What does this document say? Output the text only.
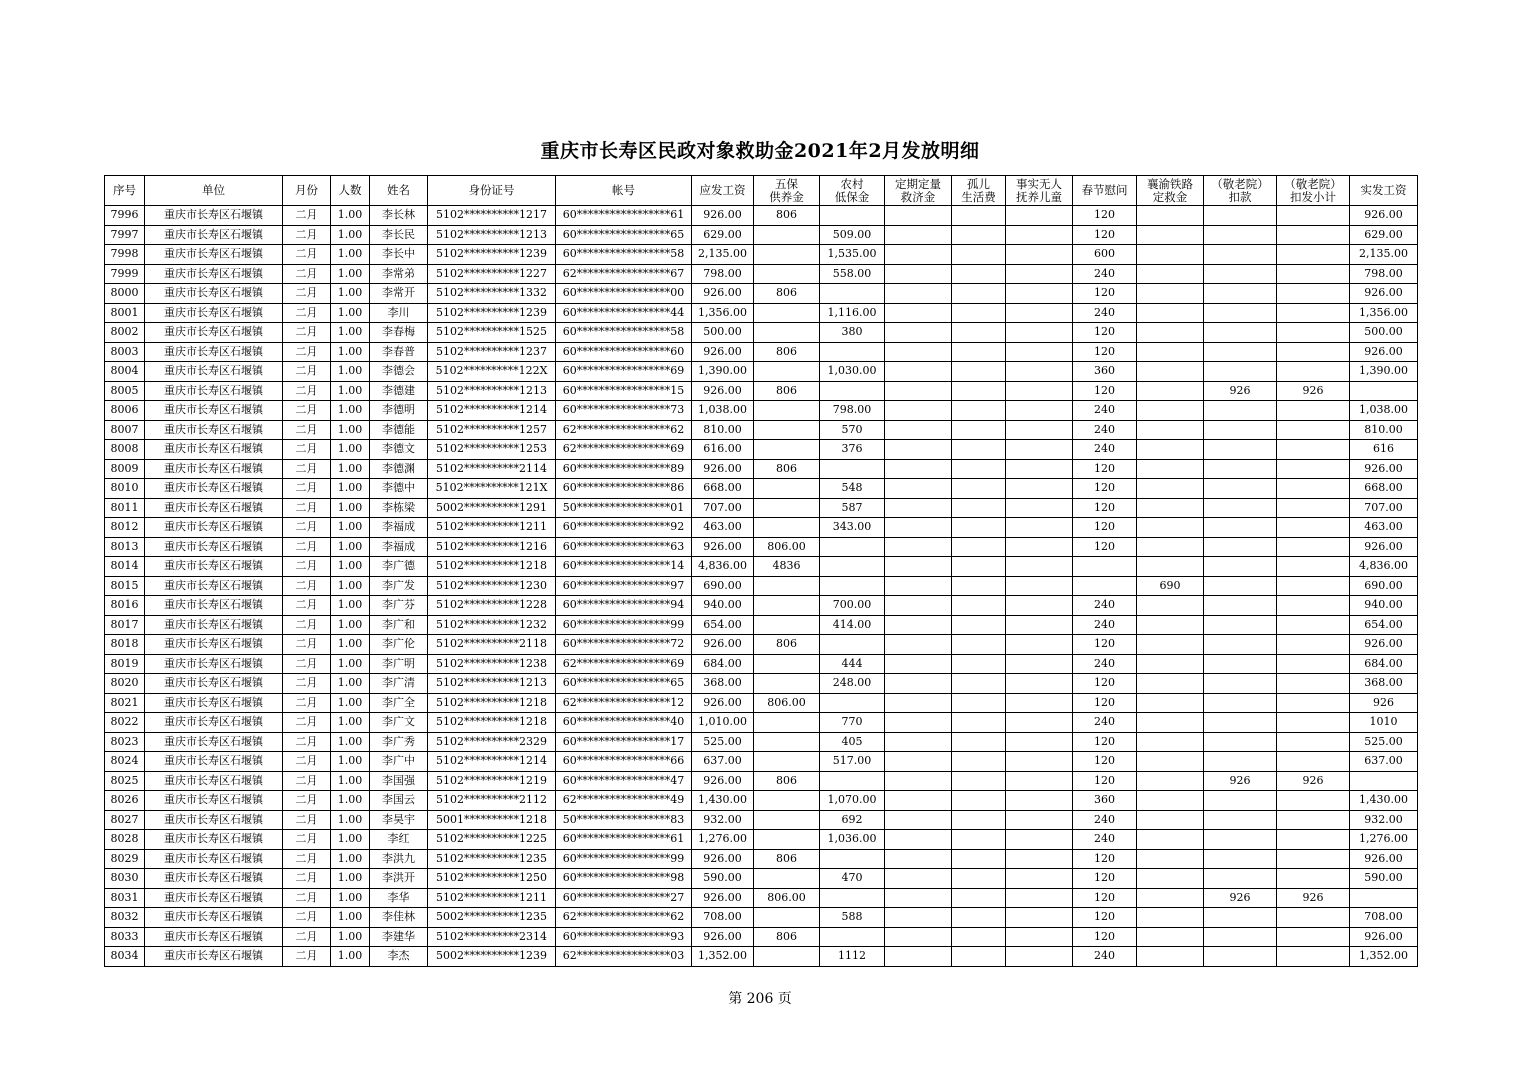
重庆市长寿区民政对象救助金2021年2月发放明细
序号	单位	月份	人数	姓名	身份证号	帐号	应发工资	五保
供养金	农村
低保金	定期定量
救济金	孤儿
生活费	事实无人
抚养儿童	春节慰问	襄渝铁路
定救金	（敬老院）
扣款	（敬老院）
扣发小计	实发工资
7996	重庆市长寿区石堰镇	二月	1.00	李长林	5102**********1217	60*****************61	926.00	806					120				926.00
7997	重庆市长寿区石堰镇	二月	1.00	李长民	5102**********1213	60*****************65	629.00		509.00				120				629.00
7998	重庆市长寿区石堰镇	二月	1.00	李长中	5102**********1239	60*****************58	2,135.00		1,535.00				600				2,135.00
7999	重庆市长寿区石堰镇	二月	1.00	李常弟	5102**********1227	62*****************67	798.00		558.00				240				798.00
8000	重庆市长寿区石堰镇	二月	1.00	李常开	5102**********1332	60*****************00	926.00	806					120				926.00
8001	重庆市长寿区石堰镇	二月	1.00	李川	5102**********1239	60*****************44	1,356.00		1,116.00				240				1,356.00
8002	重庆市长寿区石堰镇	二月	1.00	李春梅	5102**********1525	60*****************58	500.00		380				120				500.00
8003	重庆市长寿区石堰镇	二月	1.00	李春普	5102**********1237	60*****************60	926.00	806					120				926.00
8004	重庆市长寿区石堰镇	二月	1.00	李德会	5102**********122X	60*****************69	1,390.00		1,030.00				360				1,390.00
8005	重庆市长寿区石堰镇	二月	1.00	李德建	5102**********1213	60*****************15	926.00	806					120		926	926	
8006	重庆市长寿区石堰镇	二月	1.00	李德明	5102**********1214	60*****************73	1,038.00		798.00				240				1,038.00
8007	重庆市长寿区石堰镇	二月	1.00	李德能	5102**********1257	62*****************62	810.00		570				240				810.00
8008	重庆市长寿区石堰镇	二月	1.00	李德文	5102**********1253	62*****************69	616.00		376				240				616
8009	重庆市长寿区石堰镇	二月	1.00	李德渊	5102**********2114	60*****************89	926.00	806					120				926.00
8010	重庆市长寿区石堰镇	二月	1.00	李德中	5102**********121X	60*****************86	668.00		548				120				668.00
8011	重庆市长寿区石堰镇	二月	1.00	李栋梁	5002**********1291	50*****************01	707.00		587				120				707.00
8012	重庆市长寿区石堰镇	二月	1.00	李福成	5102**********1211	60*****************92	463.00		343.00				120				463.00
8013	重庆市长寿区石堰镇	二月	1.00	李福成	5102**********1216	60*****************63	926.00	806.00					120				926.00
8014	重庆市长寿区石堰镇	二月	1.00	李广德	5102**********1218	60*****************14	4,836.00	4836									4,836.00
8015	重庆市长寿区石堰镇	二月	1.00	李广发	5102**********1230	60*****************97	690.00							690			690.00
8016	重庆市长寿区石堰镇	二月	1.00	李广芬	5102**********1228	60*****************94	940.00		700.00				240				940.00
8017	重庆市长寿区石堰镇	二月	1.00	李广和	5102**********1232	60*****************99	654.00		414.00				240				654.00
8018	重庆市长寿区石堰镇	二月	1.00	李广伦	5102**********2118	60*****************72	926.00	806					120				926.00
8019	重庆市长寿区石堰镇	二月	1.00	李广明	5102**********1238	62*****************69	684.00		444				240				684.00
8020	重庆市长寿区石堰镇	二月	1.00	李广清	5102**********1213	60*****************65	368.00		248.00				120				368.00
8021	重庆市长寿区石堰镇	二月	1.00	李广全	5102**********1218	62*****************12	926.00	806.00					120				926
8022	重庆市长寿区石堰镇	二月	1.00	李广文	5102**********1218	60*****************40	1,010.00		770				240				1010
8023	重庆市长寿区石堰镇	二月	1.00	李广秀	5102**********2329	60*****************17	525.00		405				120				525.00
8024	重庆市长寿区石堰镇	二月	1.00	李广中	5102**********1214	60*****************66	637.00		517.00				120				637.00
8025	重庆市长寿区石堰镇	二月	1.00	李国强	5102**********1219	60*****************47	926.00	806					120		926	926	
8026	重庆市长寿区石堰镇	二月	1.00	李国云	5102**********2112	62*****************49	1,430.00		1,070.00				360				1,430.00
8027	重庆市长寿区石堰镇	二月	1.00	李昊宇	5001**********1218	50*****************83	932.00		692				240				932.00
8028	重庆市长寿区石堰镇	二月	1.00	李红	5102**********1225	60*****************61	1,276.00		1,036.00				240				1,276.00
8029	重庆市长寿区石堰镇	二月	1.00	李洪九	5102**********1235	60*****************99	926.00	806					120				926.00
8030	重庆市长寿区石堰镇	二月	1.00	李洪开	5102**********1250	60*****************98	590.00		470				120				590.00
8031	重庆市长寿区石堰镇	二月	1.00	李华	5102**********1211	60*****************27	926.00	806.00					120		926	926	
8032	重庆市长寿区石堰镇	二月	1.00	李佳林	5002**********1235	62*****************62	708.00		588				120				708.00
8033	重庆市长寿区石堰镇	二月	1.00	李建华	5102**********2314	60*****************93	926.00	806					120				926.00
8034	重庆市长寿区石堰镇	二月	1.00	李杰	5002**********1239	62*****************03	1,352.00		1112				240				1,352.00
第 206 页
